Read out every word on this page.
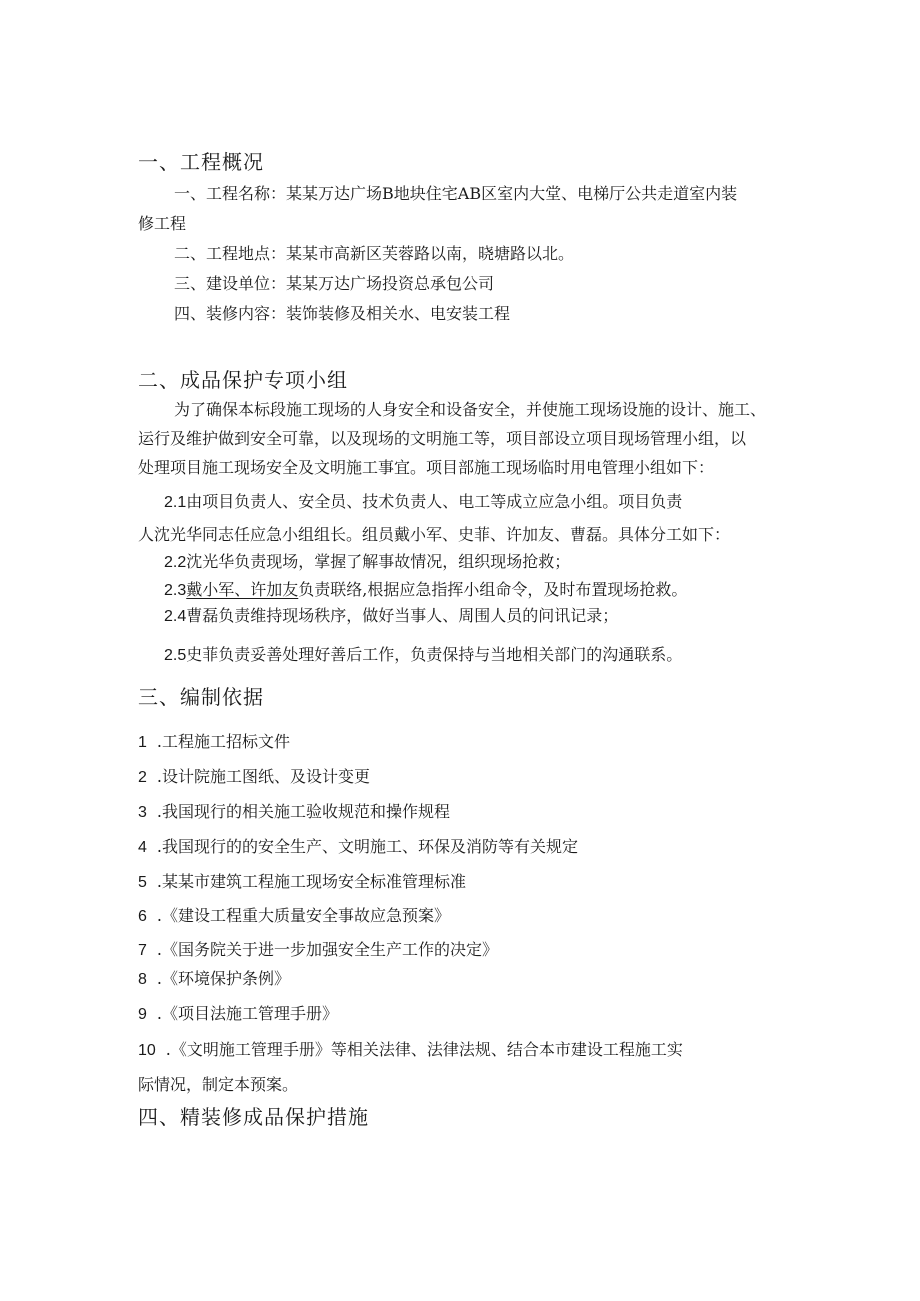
一、工程概况
一、工程名称：某某万达广场B地块住宅AB区室内大堂、电梯厅公共走道室内装
修工程
二、工程地点：某某市高新区芙蓉路以南，晓塘路以北。
三、建设单位：某某万达广场投资总承包公司
四、装修内容：装饰装修及相关水、电安装工程
二、成品保护专项小组
为了确保本标段施工现场的人身安全和设备安全，并使施工现场设施的设计、施工、
运行及维护做到安全可靠，以及现场的文明施工等，项目部设立项目现场管理小组，以
处理项目施工现场安全及文明施工事宜。项目部施工现场临时用电管理小组如下：
2.1由项目负责人、安全员、技术负责人、电工等成立应急小组。项目负责
人沈光华同志任应急小组组长。组员戴小军、史菲、许加友、曹磊。具体分工如下：
2.2沈光华负责现场，掌握了解事故情况，组织现场抢救；
2.3戴小军、许加友负责联络,根据应急指挥小组命令，及时布置现场抢救。
2.4曹磊负责维持现场秩序，做好当事人、周围人员的问讯记录；
2.5史菲负责妥善处理好善后工作，负责保持与当地相关部门的沟通联系。
三、编制依据
1 .工程施工招标文件
2 .设计院施工图纸、及设计变更
3 .我国现行的相关施工验收规范和操作规程
4 .我国现行的的安全生产、文明施工、环保及消防等有关规定
5 .某某市建筑工程施工现场安全标准管理标准
6 .《建设工程重大质量安全事故应急预案》
7 .《国务院关于进一步加强安全生产工作的决定》
8 .《环境保护条例》
9 .《项目法施工管理手册》
10 .《文明施工管理手册》等相关法律、法律法规、结合本市建设工程施工实
际情况，制定本预案。
四、精装修成品保护措施
